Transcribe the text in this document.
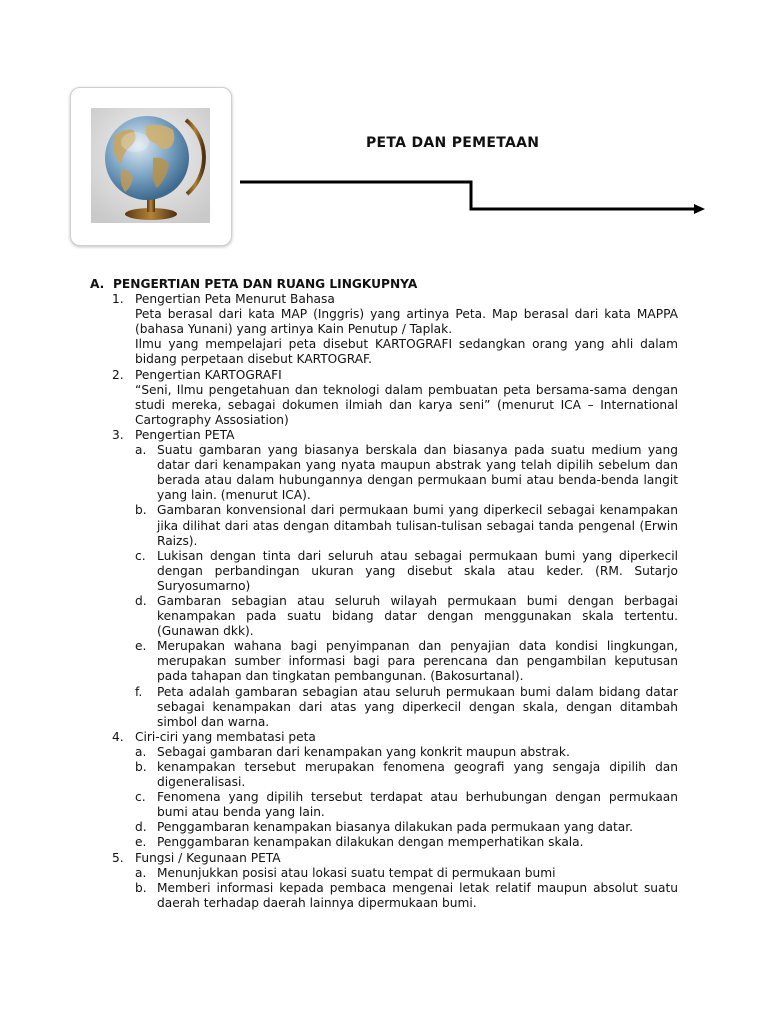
PETA DAN PEMETAAN
A. PENGERTIAN PETA DAN RUANG LINGKUPNYA
1. Pengertian Peta Menurut Bahasa
Peta berasal dari kata MAP (Inggris) yang artinya Peta. Map berasal dari kata MAPPA (bahasa Yunani) yang artinya Kain Penutup / Taplak.
Ilmu yang mempelajari peta disebut KARTOGRAFI sedangkan orang yang ahli dalam bidang perpetaan disebut KARTOGRAF.
2. Pengertian KARTOGRAFI
“Seni, Ilmu pengetahuan dan teknologi dalam pembuatan peta bersama-sama dengan studi mereka, sebagai dokumen ilmiah dan karya seni” (menurut ICA – International Cartography Assosiation)
3. Pengertian PETA
a. Suatu gambaran yang biasanya berskala dan biasanya pada suatu medium yang datar dari kenampakan yang nyata maupun abstrak yang telah dipilih sebelum dan berada atau dalam hubungannya dengan permukaan bumi atau benda-benda langit yang lain. (menurut ICA).
b. Gambaran konvensional dari permukaan bumi yang diperkecil sebagai kenampakan jika dilihat dari atas dengan ditambah tulisan-tulisan sebagai tanda pengenal (Erwin Raizs).
c. Lukisan dengan tinta dari seluruh atau sebagai permukaan bumi yang diperkecil dengan perbandingan ukuran yang disebut skala atau keder. (RM. Sutarjo Suryosumarno)
d. Gambaran sebagian atau seluruh wilayah permukaan bumi dengan berbagai kenampakan pada suatu bidang datar dengan menggunakan skala tertentu. (Gunawan dkk).
e. Merupakan wahana bagi penyimpanan dan penyajian data kondisi lingkungan, merupakan sumber informasi bagi para perencana dan pengambilan keputusan pada tahapan dan tingkatan pembangunan. (Bakosurtanal).
f.	Peta adalah gambaran sebagian atau seluruh permukaan bumi dalam bidang datar sebagai kenampakan dari atas yang diperkecil dengan skala, dengan ditambah simbol dan warna.
4. Ciri-ciri yang membatasi peta
a. Sebagai gambaran dari kenampakan yang konkrit maupun abstrak.
b. kenampakan tersebut merupakan fenomena geografi yang sengaja dipilih dan digeneralisasi.
c. Fenomena yang dipilih tersebut terdapat atau berhubungan dengan permukaan bumi atau benda yang lain.
d. Penggambaran kenampakan biasanya dilakukan pada permukaan yang datar.
e. Penggambaran kenampakan dilakukan dengan memperhatikan skala.
5. Fungsi / Kegunaan PETA
a. Menunjukkan posisi atau lokasi suatu tempat di permukaan bumi
b. Memberi informasi kepada pembaca mengenai letak relatif maupun absolut suatu daerah terhadap daerah lainnya dipermukaan bumi.
